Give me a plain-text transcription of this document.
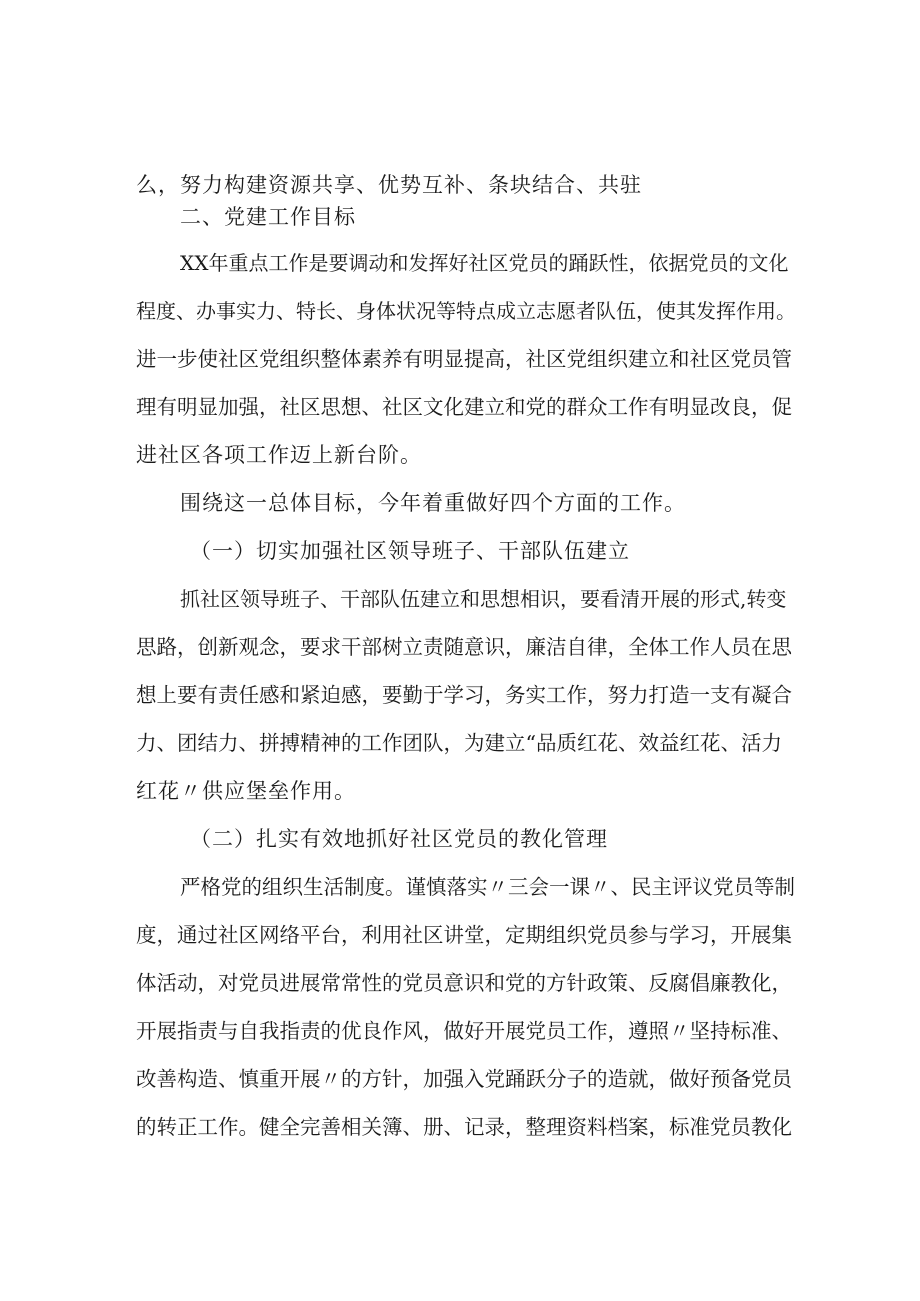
么，努力构建资源共享、优势互补、条块结合、共驻
二、党建工作目标
XX年重点工作是要调动和发挥好社区党员的踊跃性，依据党员的文化
程度、办事实力、特长、身体状况等特点成立志愿者队伍，使其发挥作用。
进一步使社区党组织整体素养有明显提高，社区党组织建立和社区党员管
理有明显加强，社区思想、社区文化建立和党的群众工作有明显改良，促
进社区各项工作迈上新台阶。
围绕这一总体目标，今年着重做好四个方面的工作。
（一）切实加强社区领导班子、干部队伍建立
抓社区领导班子、干部队伍建立和思想相识，要看清开展的形式,转变
思路，创新观念，要求干部树立责随意识，廉洁自律，全体工作人员在思
想上要有责任感和紧迫感，要勤于学习，务实工作，努力打造一支有凝合
力、团结力、拼搏精神的工作团队，为建立“品质红花、效益红花、活力
红花〃供应堡垒作用。
（二）扎实有效地抓好社区党员的教化管理
严格党的组织生活制度。谨慎落实〃三会一课〃、民主评议党员等制
度，通过社区网络平台，利用社区讲堂，定期组织党员参与学习，开展集
体活动，对党员进展常常性的党员意识和党的方针政策、反腐倡廉教化，
开展指责与自我指责的优良作风，做好开展党员工作，遵照〃坚持标准、
改善构造、慎重开展〃的方针，加强入党踊跃分子的造就，做好预备党员
的转正工作。健全完善相关簿、册、记录，整理资料档案，标准党员教化
